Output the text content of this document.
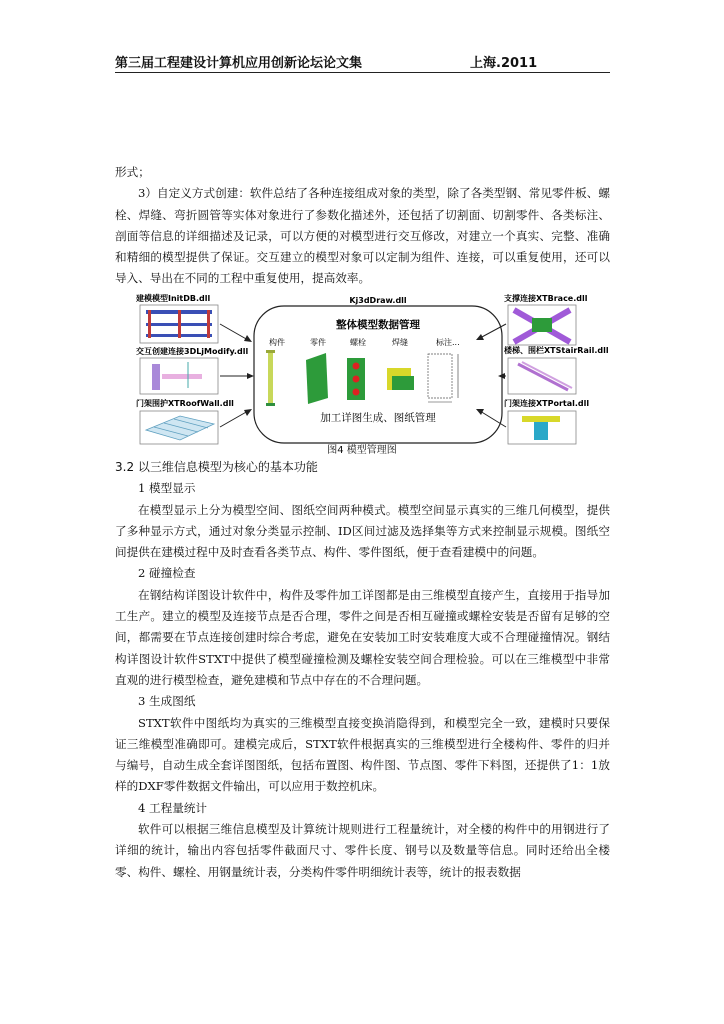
第三届工程建设计算机应用创新论坛论文集	上海.2011

形式；

3）自定义方式创建：软件总结了各种连接组成对象的类型，除了各类型钢、常见零件板、螺栓、焊缝、弯折圆管等实体对象进行了参数化描述外，还包括了切割面、切割零件、各类标注、剖面等信息的详细描述及记录，可以方便的对模型进行交互修改，对建立一个真实、完整、准确和精细的模型提供了保证。交互建立的模型对象可以定制为组件、连接，可以重复使用，还可以导入、导出在不同的工程中重复使用，提高效率。

建模模型InitDB.dll
交互创建连接3DLjModify.dll
门架围护XTRoofWall.dll
Kj3dDraw.dll
整体模型数据管理
构件	零件	螺栓	焊缝	标注...
加工详图生成、图纸管理
支撑连接XTBrace.dll
楼梯、围栏XTStairRail.dll
门架连接XTPortal.dll
图4 模型管理图

3.2 以三维信息模型为核心的基本功能

1 模型显示

在模型显示上分为模型空间、图纸空间两种模式。模型空间显示真实的三维几何模型，提供了多种显示方式，通过对象分类显示控制、ID区间过滤及选择集等方式来控制显示规模。图纸空间提供在建模过程中及时查看各类节点、构件、零件图纸，便于查看建模中的问题。

2 碰撞检查

在钢结构详图设计软件中，构件及零件加工详图都是由三维模型直接产生，直接用于指导加工生产。建立的模型及连接节点是否合理，零件之间是否相互碰撞或螺栓安装是否留有足够的空间，都需要在节点连接创建时综合考虑，避免在安装加工时安装难度大或不合理碰撞情况。钢结构详图设计软件STXT中提供了模型碰撞检测及螺栓安装空间合理检验。可以在三维模型中非常直观的进行模型检查，避免建模和节点中存在的不合理问题。

3 生成图纸

STXT软件中图纸均为真实的三维模型直接变换消隐得到，和模型完全一致，建模时只要保证三维模型准确即可。建模完成后，STXT软件根据真实的三维模型进行全楼构件、零件的归并与编号，自动生成全套详图图纸，包括布置图、构件图、节点图、零件下料图，还提供了1：1放样的DXF零件数据文件输出，可以应用于数控机床。

4 工程量统计

软件可以根据三维信息模型及计算统计规则进行工程量统计，对全楼的构件中的用钢进行了详细的统计，输出内容包括零件截面尺寸、零件长度、钢号以及数量等信息。同时还给出全楼零、构件、螺栓、用钢量统计表，分类构件零件明细统计表等，统计的报表数据
